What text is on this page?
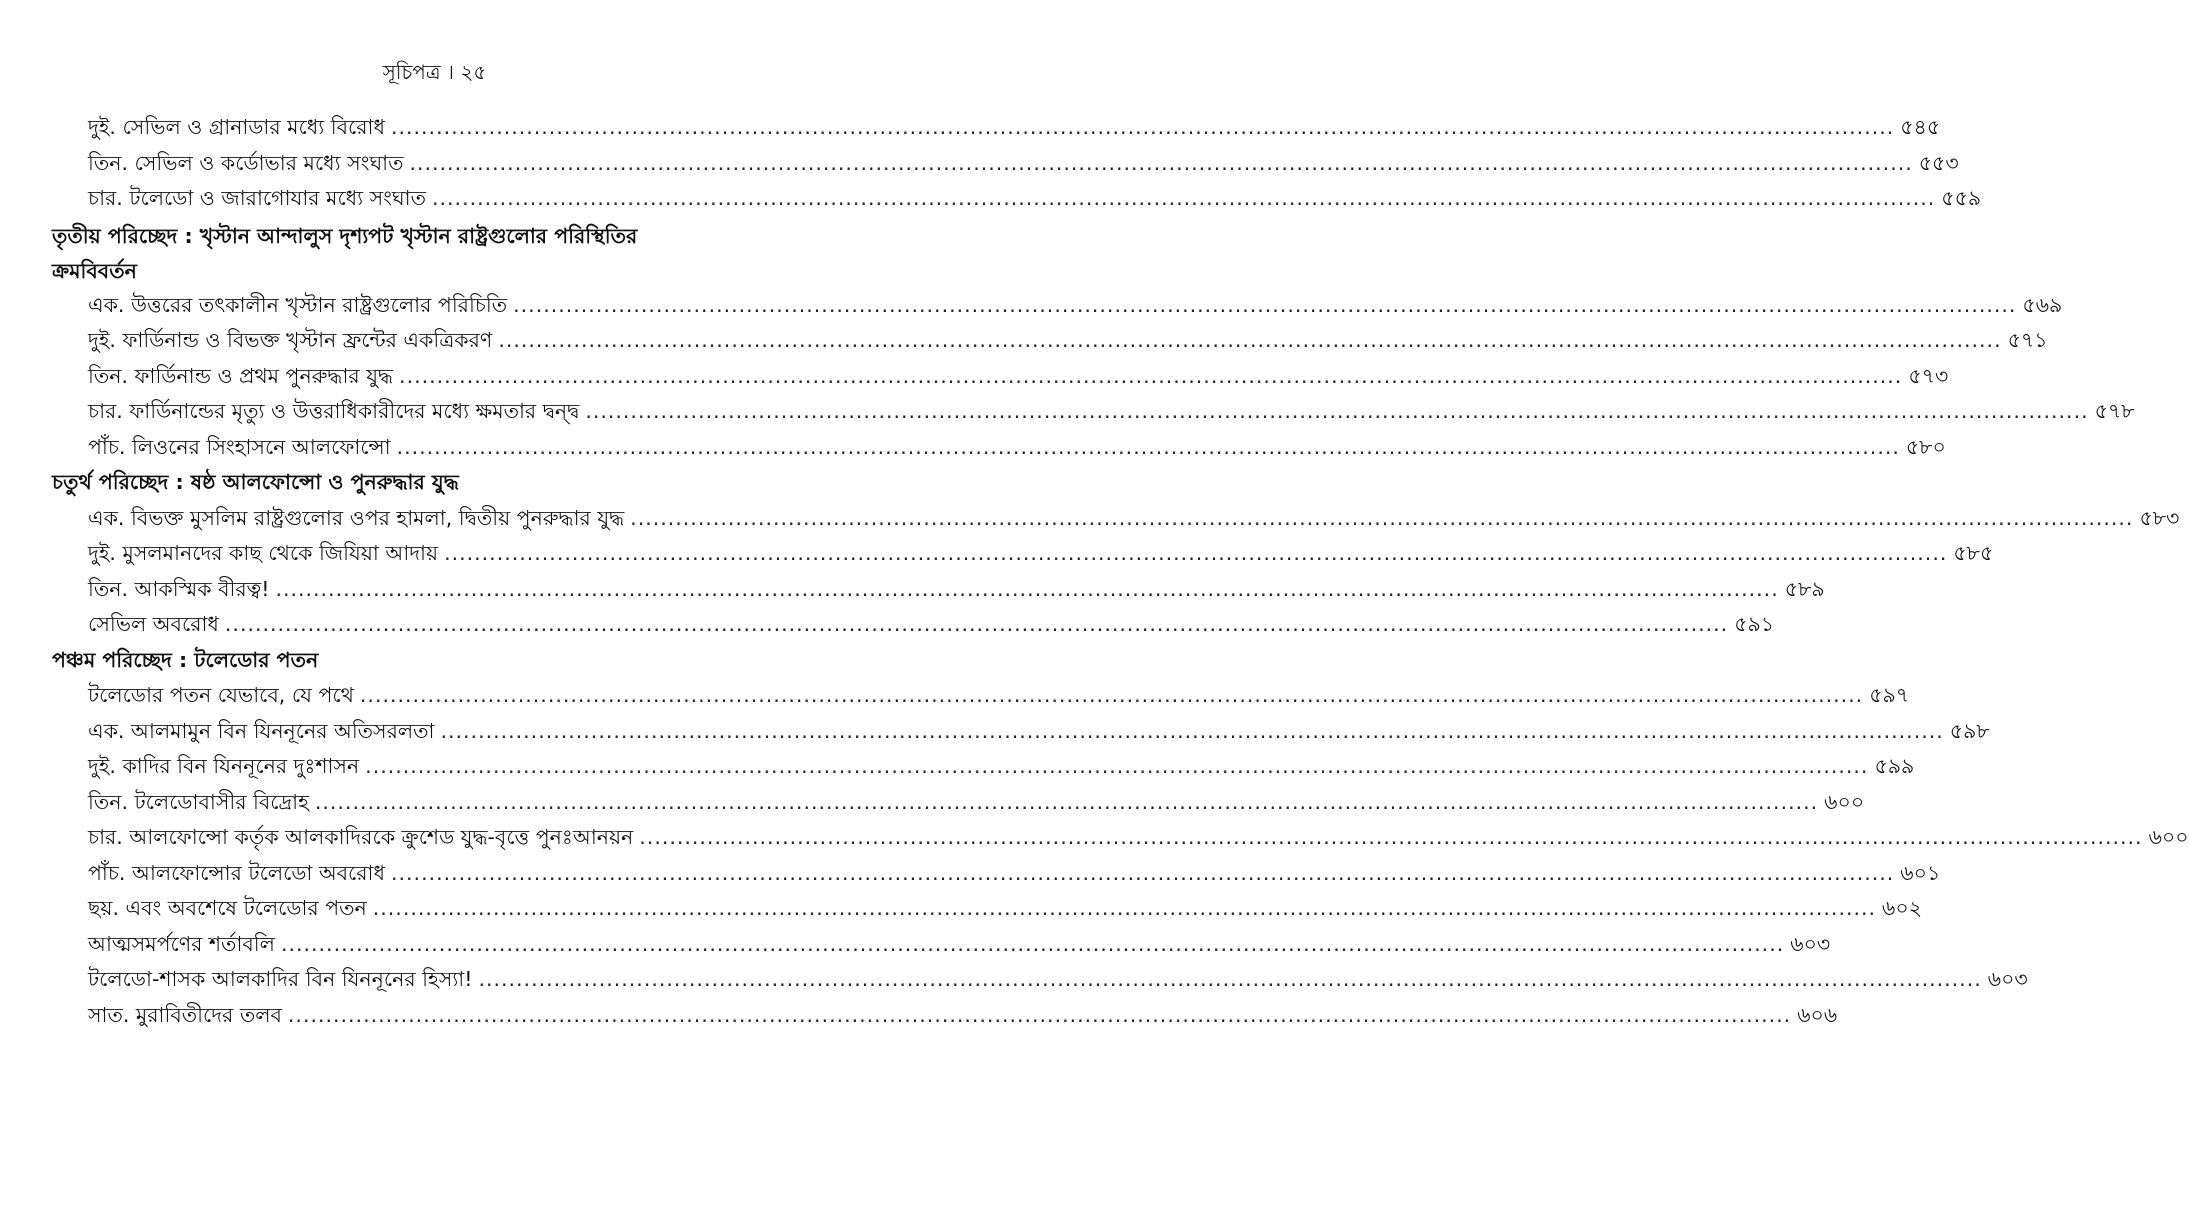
সূচিপত্র । ২৫
দুই. সেভিল ও গ্রানাডার মধ্যে বিরোধ ........................................................................................................................................................................................................ ৫৪৫
তিন. সেভিল ও কর্ডোভার মধ্যে সংঘাত ........................................................................................................................................................................................................ ৫৫৩
চার. টলেডো ও জারাগোযার মধ্যে সংঘাত ........................................................................................................................................................................................................ ৫৫৯
তৃতীয় পরিচ্ছেদ : খৃস্টান আন্দালুস দৃশ্যপট খৃস্টান রাষ্ট্রগুলোর পরিস্থিতির
ক্রমবিবর্তন
এক. উত্তরের তৎকালীন খৃস্টান রাষ্ট্রগুলোর পরিচিতি ........................................................................................................................................................................................................ ৫৬৯
দুই. ফার্ডিনান্ড ও বিভক্ত খৃস্টান ফ্রন্টের একত্রিকরণ ........................................................................................................................................................................................................ ৫৭১
তিন. ফার্ডিনান্ড ও প্রথম পুনরুদ্ধার যুদ্ধ ........................................................................................................................................................................................................ ৫৭৩
চার. ফার্ডিনান্ডের মৃত্যু ও উত্তরাধিকারীদের মধ্যে ক্ষমতার দ্বন্দ্ব ........................................................................................................................................................................................................ ৫৭৮
পাঁচ. লিওনের সিংহাসনে আলফোন্সো ........................................................................................................................................................................................................ ৫৮০
চতুর্থ পরিচ্ছেদ : ষষ্ঠ আলফোন্সো ও পুনরুদ্ধার যুদ্ধ
এক. বিভক্ত মুসলিম রাষ্ট্রগুলোর ওপর হামলা, দ্বিতীয় পুনরুদ্ধার যুদ্ধ ........................................................................................................................................................................................................ ৫৮৩
দুই. মুসলমানদের কাছ থেকে জিযিয়া আদায় ........................................................................................................................................................................................................ ৫৮৫
তিন. আকস্মিক বীরত্ব! ........................................................................................................................................................................................................ ৫৮৯
সেভিল অবরোধ ........................................................................................................................................................................................................ ৫৯১
পঞ্চম পরিচ্ছেদ : টলেডোর পতন
টলেডোর পতন যেভাবে, যে পথে ........................................................................................................................................................................................................ ৫৯৭
এক. আলমামুন বিন যিননূনের অতিসরলতা ........................................................................................................................................................................................................ ৫৯৮
দুই. কাদির বিন যিননূনের দুঃশাসন ........................................................................................................................................................................................................ ৫৯৯
তিন. টলেডোবাসীর বিদ্রোহ ........................................................................................................................................................................................................ ৬০০
চার. আলফোন্সো কর্তৃক আলকাদিরকে ক্রুশেড যুদ্ধ-বৃত্তে পুনঃআনয়ন ........................................................................................................................................................................................................ ৬০০
পাঁচ. আলফোন্সোর টলেডো অবরোধ ........................................................................................................................................................................................................ ৬০১
ছয়. এবং অবশেষে টলেডোর পতন ........................................................................................................................................................................................................ ৬০২
আত্মসমর্পণের শর্তাবলি ........................................................................................................................................................................................................ ৬০৩
টলেডো-শাসক আলকাদির বিন যিননূনের হিস্যা! ........................................................................................................................................................................................................ ৬০৩
সাত. মুরাবিতীদের তলব ........................................................................................................................................................................................................ ৬০৬
